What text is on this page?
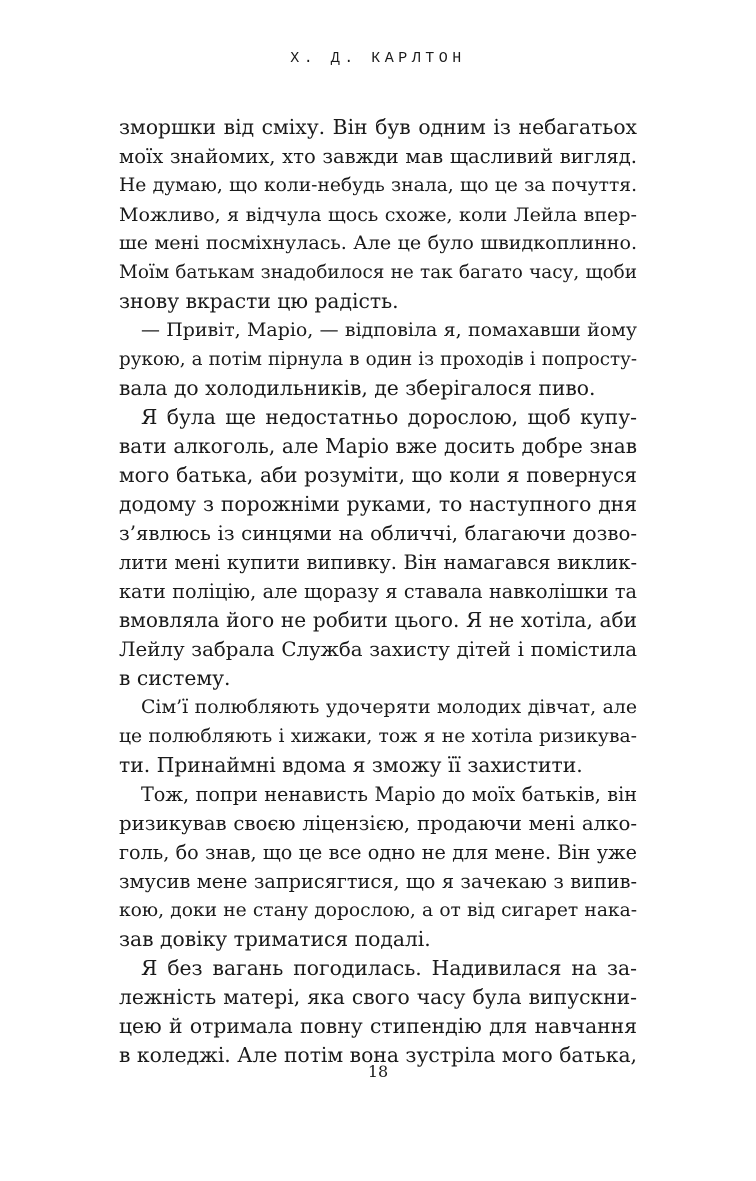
Х. Д. КАРЛТОН
зморшки від сміху. Він був одним із небагатьох
моїх знайомих, хто завжди мав щасливий вигляд.
Не думаю, що коли-небудь знала, що це за почуття.
Можливо, я відчула щось схоже, коли Лейла впер-
ше мені посміхнулась. Але це було швидкоплинно.
Моїм батькам знадобилося не так багато часу, щоби
знову вкрасти цю радість.
— Привіт, Маріо, — відповіла я, помахавши йому
рукою, а потім пірнула в один із проходів і попросту-
вала до холодильників, де зберігалося пиво.
Я була ще недостатньо дорослою, щоб купу-
вати алкоголь, але Маріо вже досить добре знав
мого батька, аби розуміти, що коли я повернуся
додому з порожніми руками, то наступного дня
з’явлюсь із синцями на обличчі, благаючи дозво-
лити мені купити випивку. Він намагався виклик-
кати поліцію, але щоразу я ставала навколішки та
вмовляла його не робити цього. Я не хотіла, аби
Лейлу забрала Служба захисту дітей і помістила
в систему.
Сім’ї полюбляють удочеряти молодих дівчат, але
це полюбляють і хижаки, тож я не хотіла ризикува-
ти. Принаймні вдома я зможу її захистити.
Тож, попри ненависть Маріо до моїх батьків, він
ризикував своєю ліцензією, продаючи мені алко-
голь, бо знав, що це все одно не для мене. Він уже
змусив мене заприсягтися, що я зачекаю з випив-
кою, доки не стану дорослою, а от від сигарет нака-
зав довіку триматися подалі.
Я без вагань погодилась. Надивилася на за-
лежність матері, яка свого часу була випускни-
цею й отримала повну стипендію для навчання
в коледжі. Але потім вона зустріла мого батька,
18
